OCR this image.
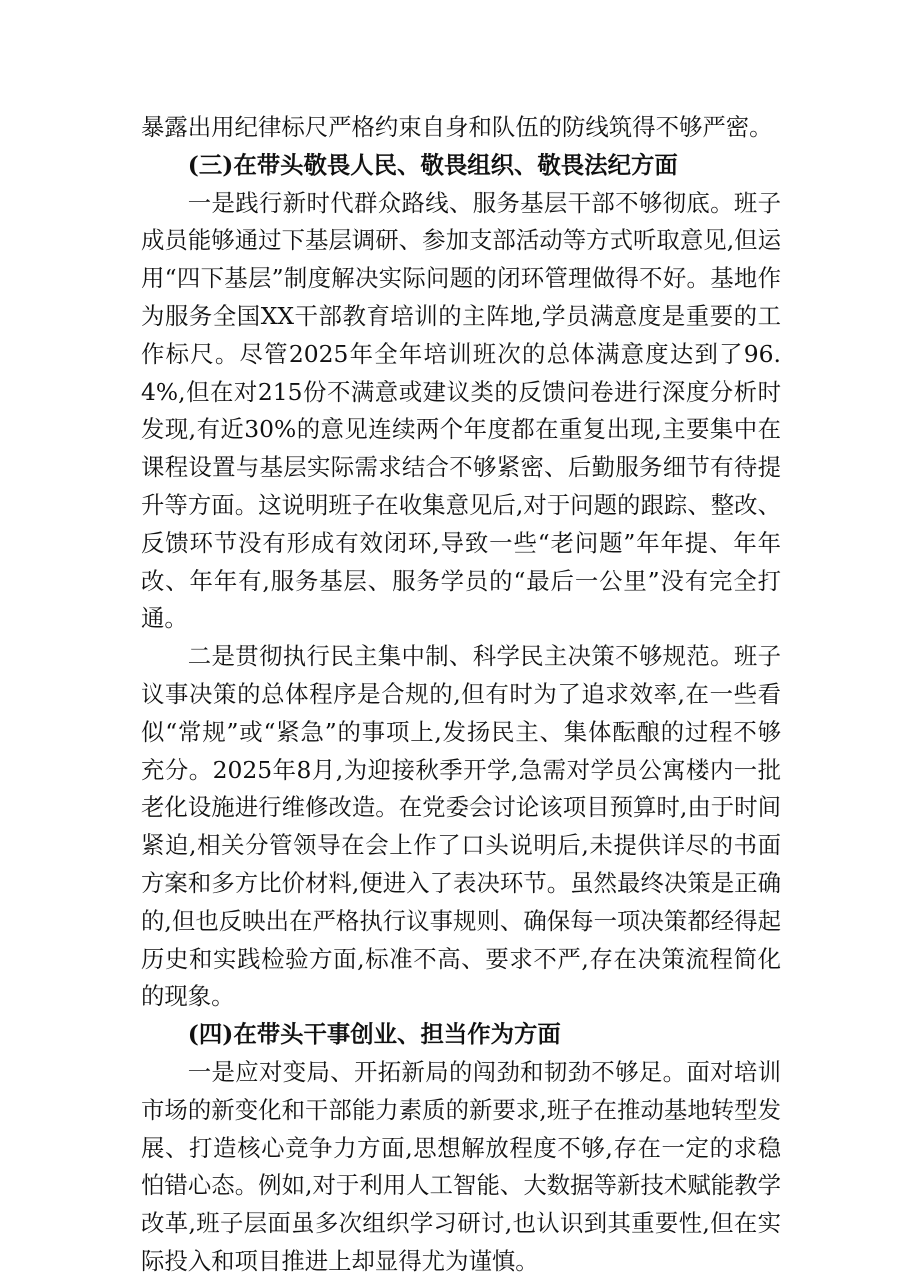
暴露出用纪律标尺严格约束自身和队伍的防线筑得不够严密。

(三)在带头敬畏人民、敬畏组织、敬畏法纪方面

一是践行新时代群众路线、服务基层干部不够彻底。班子成员能够通过下基层调研、参加支部活动等方式听取意见,但运用“四下基层”制度解决实际问题的闭环管理做得不好。基地作为服务全国XX干部教育培训的主阵地,学员满意度是重要的工作标尺。尽管2025年全年培训班次的总体满意度达到了96.4%,但在对215份不满意或建议类的反馈问卷进行深度分析时发现,有近30%的意见连续两个年度都在重复出现,主要集中在课程设置与基层实际需求结合不够紧密、后勤服务细节有待提升等方面。这说明班子在收集意见后,对于问题的跟踪、整改、反馈环节没有形成有效闭环,导致一些“老问题”年年提、年年改、年年有,服务基层、服务学员的“最后一公里”没有完全打通。

二是贯彻执行民主集中制、科学民主决策不够规范。班子议事决策的总体程序是合规的,但有时为了追求效率,在一些看似“常规”或“紧急”的事项上,发扬民主、集体酝酿的过程不够充分。2025年8月,为迎接秋季开学,急需对学员公寓楼内一批老化设施进行维修改造。在党委会讨论该项目预算时,由于时间紧迫,相关分管领导在会上作了口头说明后,未提供详尽的书面方案和多方比价材料,便进入了表决环节。虽然最终决策是正确的,但也反映出在严格执行议事规则、确保每一项决策都经得起历史和实践检验方面,标准不高、要求不严,存在决策流程简化的现象。

(四)在带头干事创业、担当作为方面

一是应对变局、开拓新局的闯劲和韧劲不够足。面对培训市场的新变化和干部能力素质的新要求,班子在推动基地转型发展、打造核心竞争力方面,思想解放程度不够,存在一定的求稳怕错心态。例如,对于利用人工智能、大数据等新技术赋能教学改革,班子层面虽多次组织学习研讨,也认识到其重要性,但在实际投入和项目推进上却显得尤为谨慎。
